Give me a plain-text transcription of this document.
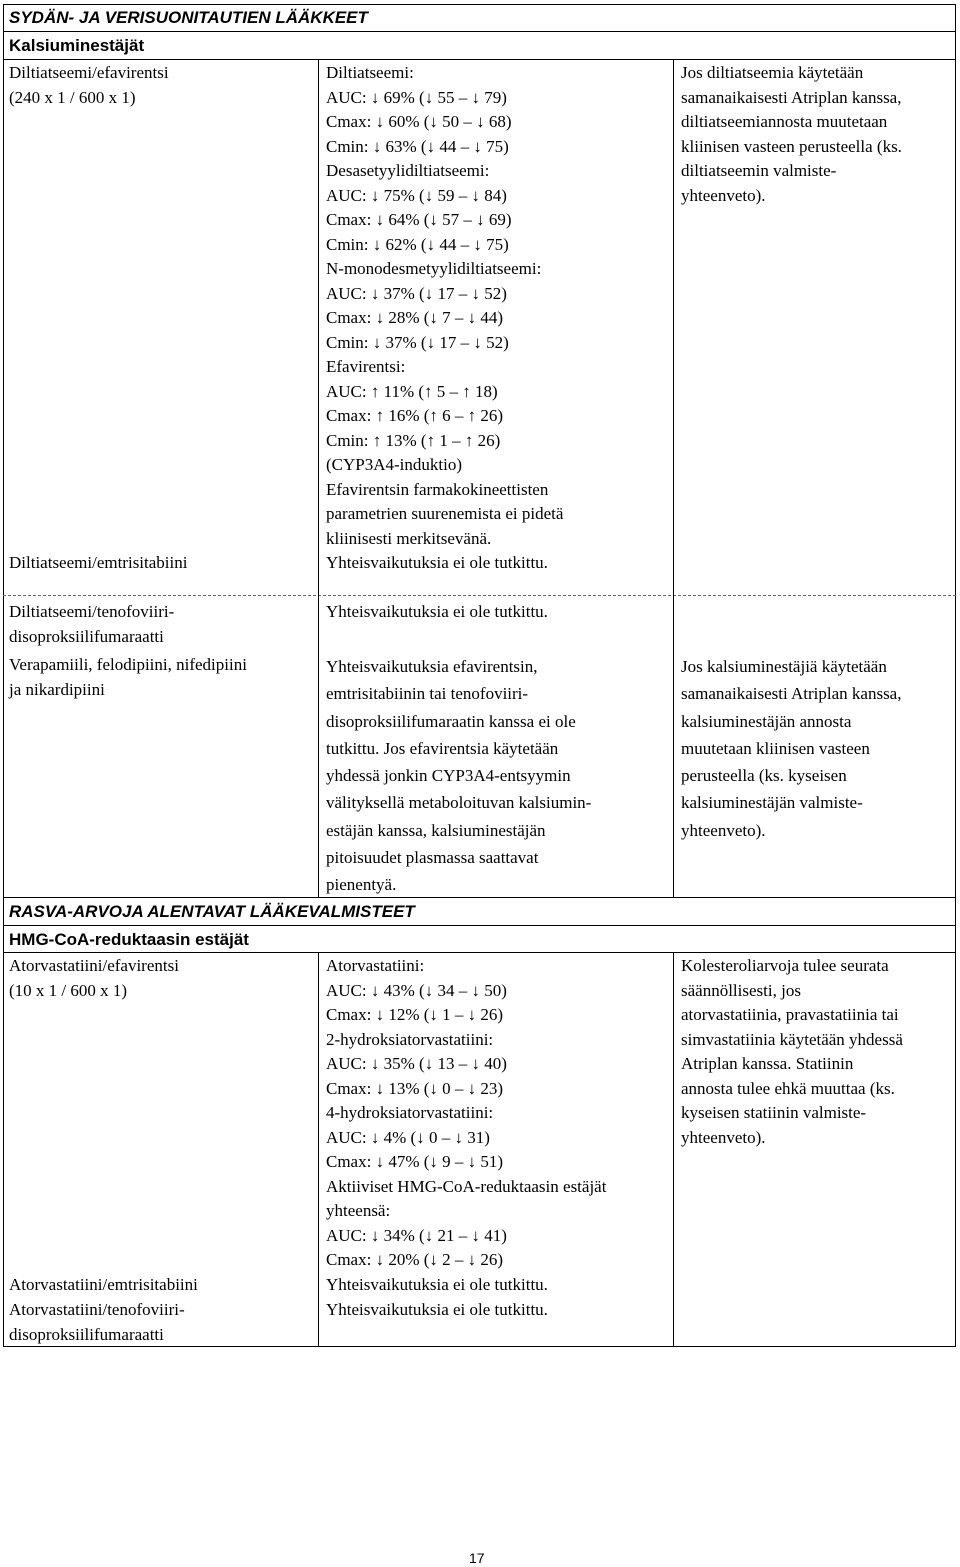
SYDÄN- JA VERISUONITAUTIEN LÄÄKKEET
Kalsiuminestäjät
Diltiatseemi/efavirentsi
(240 x 1 / 600 x 1)
Diltiatseemi:
AUC: ↓ 69% (↓ 55 – ↓ 79)
Cmax: ↓ 60% (↓ 50 – ↓ 68)
Cmin: ↓ 63% (↓ 44 – ↓ 75)
Desasetyylidiltiatseemi:
AUC: ↓ 75% (↓ 59 – ↓ 84)
Cmax: ↓ 64% (↓ 57 – ↓ 69)
Cmin: ↓ 62% (↓ 44 – ↓ 75)
N-monodesmetyylidiltiatseemi:
AUC: ↓ 37% (↓ 17 – ↓ 52)
Cmax: ↓ 28% (↓ 7 – ↓ 44)
Cmin: ↓ 37% (↓ 17 – ↓ 52)
Efavirentsi:
AUC: ↑ 11% (↑ 5 – ↑ 18)
Cmax: ↑ 16% (↑ 6 – ↑ 26)
Cmin: ↑ 13% (↑ 1 – ↑ 26)
(CYP3A4-induktio)
Efavirentsin farmakokineettisten
parametrien suurenemista ei pidetä
kliinisesti merkitsevänä.
Jos diltiatseemia käytetään
samanaikaisesti Atriplan kanssa,
diltiatseemiannosta muutetaan
kliinisen vasteen perusteella (ks.
diltiatseemin valmiste-
yhteenveto).
Diltiatseemi/emtrisitabiini	Yhteisvaikutuksia ei ole tutkittu.
Diltiatseemi/tenofoviiri-
disoproksiilifumaraatti
Yhteisvaikutuksia ei ole tutkittu.
Verapamiili, felodipiini, nifedipiini
ja nikardipiini
Yhteisvaikutuksia efavirentsin,
emtrisitabiinin tai tenofoviiri-
disoproksiilifumaraatin kanssa ei ole
tutkittu. Jos efavirentsia käytetään
yhdessä jonkin CYP3A4-entsyymin
välityksellä metaboloituvan kalsiumin-
estäjän kanssa, kalsiuminestäjän
pitoisuudet plasmassa saattavat
pienentyä.
Jos kalsiuminestäjiä käytetään
samanaikaisesti Atriplan kanssa,
kalsiuminestäjän annosta
muutetaan kliinisen vasteen
perusteella (ks. kyseisen
kalsiuminestäjän valmiste-
yhteenveto).
RASVA-ARVOJA ALENTAVAT LÄÄKEVALMISTEET
HMG-CoA-reduktaasin estäjät
Atorvastatiini/efavirentsi
(10 x 1 / 600 x 1)
Atorvastatiini:
AUC: ↓ 43% (↓ 34 – ↓ 50)
Cmax: ↓ 12% (↓ 1 – ↓ 26)
2-hydroksiatorvastatiini:
AUC: ↓ 35% (↓ 13 – ↓ 40)
Cmax: ↓ 13% (↓ 0 – ↓ 23)
4-hydroksiatorvastatiini:
AUC: ↓ 4% (↓ 0 – ↓ 31)
Cmax: ↓ 47% (↓ 9 – ↓ 51)
Aktiiviset HMG-CoA-reduktaasin estäjät
yhteensä:
AUC: ↓ 34% (↓ 21 – ↓ 41)
Cmax: ↓ 20% (↓ 2 – ↓ 26)
Kolesteroliarvoja tulee seurata
säännöllisesti, jos
atorvastatiinia, pravastatiinia tai
simvastatiinia käytetään yhdessä
Atriplan kanssa. Statiinin
annosta tulee ehkä muuttaa (ks.
kyseisen statiinin valmiste-
yhteenveto).
Atorvastatiini/emtrisitabiini	Yhteisvaikutuksia ei ole tutkittu.
Atorvastatiini/tenofoviiri-
disoproksiilifumaraatti
Yhteisvaikutuksia ei ole tutkittu.
17
